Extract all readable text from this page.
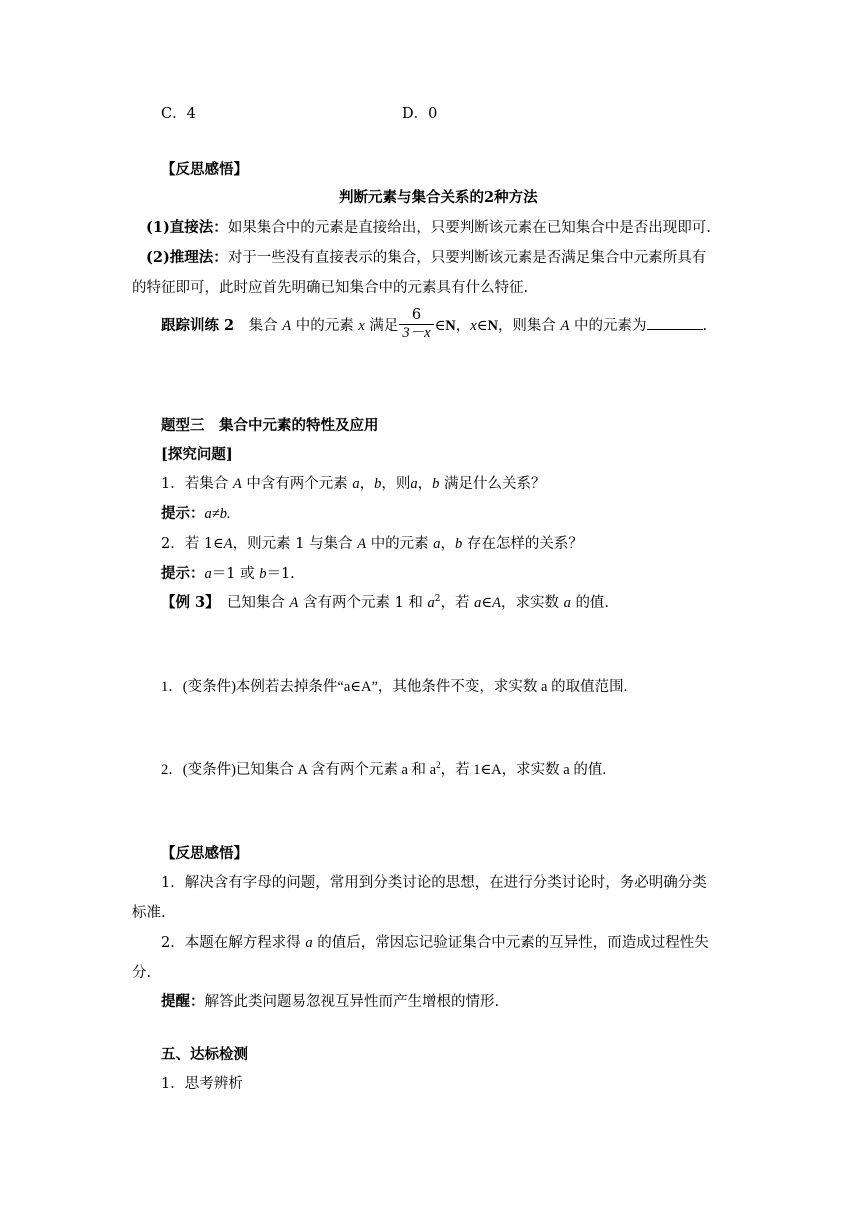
C．4	D．0
【反思感悟】
判断元素与集合关系的2种方法
(1)直接法：如果集合中的元素是直接给出，只要判断该元素在已知集合中是否出现即可.
(2)推理法：对于一些没有直接表示的集合，只要判断该元素是否满足集合中元素所具有
的特征即可，此时应首先明确已知集合中的元素具有什么特征.
跟踪训练 2　 集合 A 中的元素 x 满足 $\frac{6}{3-x}$ ∈N，x∈N，则集合 A 中的元素为	.
题型三　集合中元素的特性及应用
[探究问题]
1．若集合 A 中含有两个元素 a，b，则a，b 满足什么关系？
提示：a≠b.
2．若 1∈A，则元素 1 与集合 A 中的元素 a，b 存在怎样的关系？
提示：a＝1 或 b＝1.
【例 3】　 已知集合 A 含有两个元素 1 和 $a^2$，若 a∈A，求实数 a 的值.
1．(变条件)本例若去掉条件“a∈A”，其他条件不变，求实数 a 的取值范围.
2．(变条件)已知集合 A 含有两个元素 a 和 $a^2$，若 1∈A，求实数 a 的值.
【反思感悟】
1．解决含有字母的问题，常用到分类讨论的思想，在进行分类讨论时，务必明确分类
标准.
2．本题在解方程求得 a 的值后，常因忘记验证集合中元素的互异性，而造成过程性失
分.
提醒：解答此类问题易忽视互异性而产生增根的情形.
五、达标检测
1．思考辨析
